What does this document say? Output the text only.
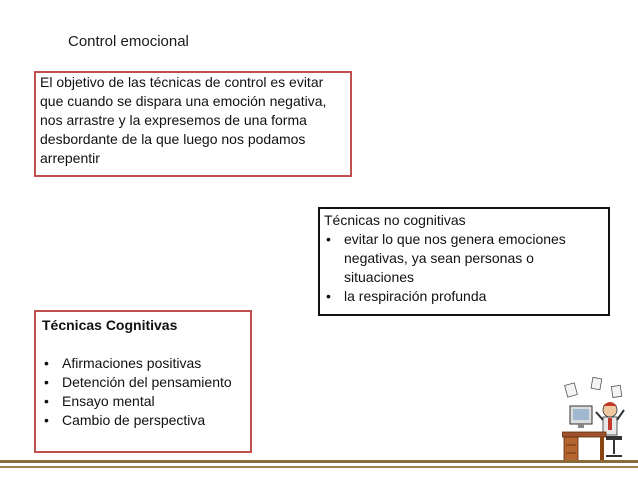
Control emocional

El objetivo de las técnicas de control es evitar
que cuando se dispara una emoción negativa,
nos arrastre y la expresemos de una forma
desbordante de la que luego nos podamos
arrepentir

Técnicas no cognitivas
• evitar lo que nos genera emociones negativas, ya sean personas o situaciones
• la respiración profunda
Técnicas Cognitivas
• Afirmaciones positivas
• Detención del pensamiento
• Ensayo mental
• Cambio de perspectiva
